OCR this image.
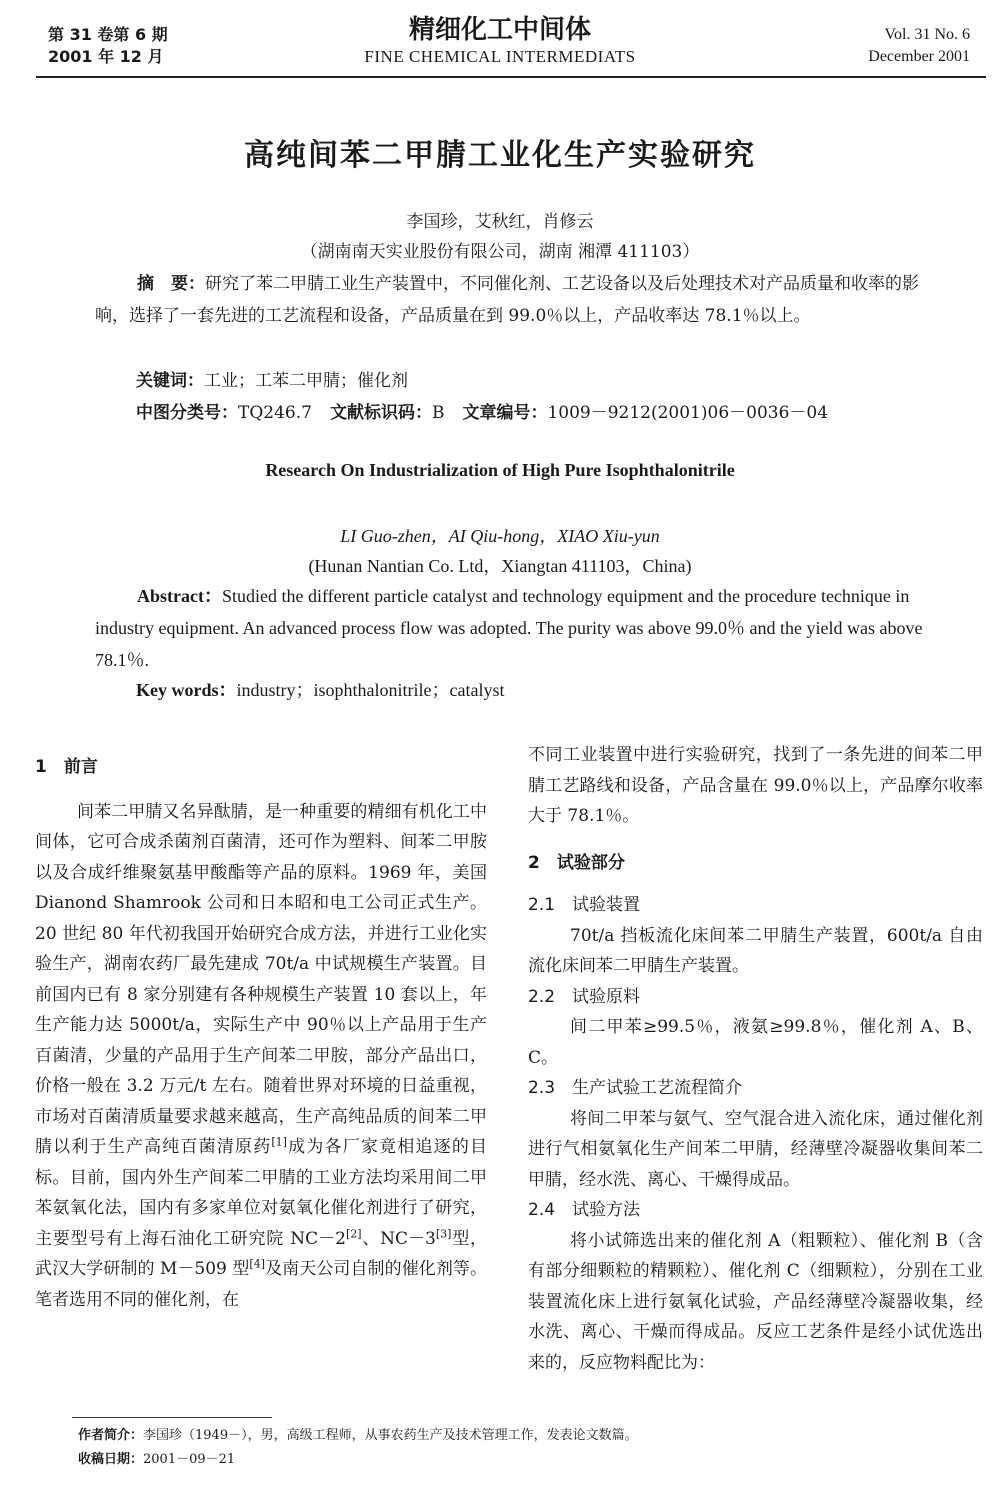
第 31 卷第 6 期
2001 年 12 月
精细化工中间体
FINE CHEMICAL INTERMEDIATS
Vol. 31 No. 6
December 2001
高纯间苯二甲腈工业化生产实验研究
李国珍，艾秋红，肖修云
（湖南南天实业股份有限公司，湖南 湘潭 411103）
摘　要：研究了苯二甲腈工业生产装置中，不同催化剂、工艺设备以及后处理技术对产品质量和收率的影响，选择了一套先进的工艺流程和设备，产品质量在到 99.0％以上，产品收率达 78.1％以上。
关键词：工业；工苯二甲腈；催化剂
中图分类号：TQ246.7 文献标识码：B 文章编号：1009－9212(2001)06－0036－04
Research On Industrialization of High Pure Isophthalonitrile
LI Guo-zhen，AI Qiu-hong，XIAO Xiu-yun
(Hunan Nantian Co. Ltd，Xiangtan 411103，China)
Abstract：Studied the different particle catalyst and technology equipment and the procedure technique in industry equipment. An advanced process flow was adopted. The purity was above 99.0％ and the yield was above 78.1％.
Key words：industry；isophthalonitrile；catalyst

1　前言

间苯二甲腈又名异酞腈，是一种重要的精细有机化工中间体，它可合成杀菌剂百菌清，还可作为塑料、间苯二甲胺以及合成纤维聚氨基甲酸酯等产品的原料。1969 年，美国 Dianond Shamrook 公司和日本昭和电工公司正式生产。20 世纪 80 年代初我国开始研究合成方法，并进行工业化实验生产，湖南农药厂最先建成 70t/a 中试规模生产装置。目前国内已有 8 家分别建有各种规模生产装置 10 套以上，年生产能力达 5000t/a，实际生产中 90％以上产品用于生产百菌清，少量的产品用于生产间苯二甲胺，部分产品出口，价格一般在 3.2 万元/t 左右。随着世界对环境的日益重视，市场对百菌清质量要求越来越高，生产高纯品质的间苯二甲腈以利于生产高纯百菌清原药[1]成为各厂家竟相追逐的目标。目前，国内外生产间苯二甲腈的工业方法均采用间二甲苯氨氧化法，国内有多家单位对氨氧化催化剂进行了研究，主要型号有上海石油化工研究院 NC－2[2]、NC－3[3]型，武汉大学研制的 M－509 型[4]及南天公司自制的催化剂等。笔者选用不同的催化剂，在

不同工业装置中进行实验研究，找到了一条先进的间苯二甲腈工艺路线和设备，产品含量在 99.0％以上，产品摩尔收率大于 78.1％。

2　试验部分

2.1　试验装置

70t/a 挡板流化床间苯二甲腈生产装置，600t/a 自由流化床间苯二甲腈生产装置。

2.2　试验原料

间二甲苯≥99.5％，液氨≥99.8％，催化剂 A、B、C。

2.3　生产试验工艺流程简介

将间二甲苯与氨气、空气混合进入流化床，通过催化剂进行气相氨氧化生产间苯二甲腈，经薄壁冷凝器收集间苯二甲腈，经水洗、离心、干燥得成品。

2.4　试验方法

将小试筛选出来的催化剂 A（粗颗粒）、催化剂 B（含有部分细颗粒的精颗粒）、催化剂 C（细颗粒），分别在工业装置流化床上进行氨氧化试验，产品经薄壁冷凝器收集，经水洗、离心、干燥而得成品。反应工艺条件是经小试优选出来的，反应物料配比为：

作者简介：李国珍（1949－），男，高级工程师，从事农药生产及技术管理工作，发表论文数篇。
收稿日期：2001－09－21
